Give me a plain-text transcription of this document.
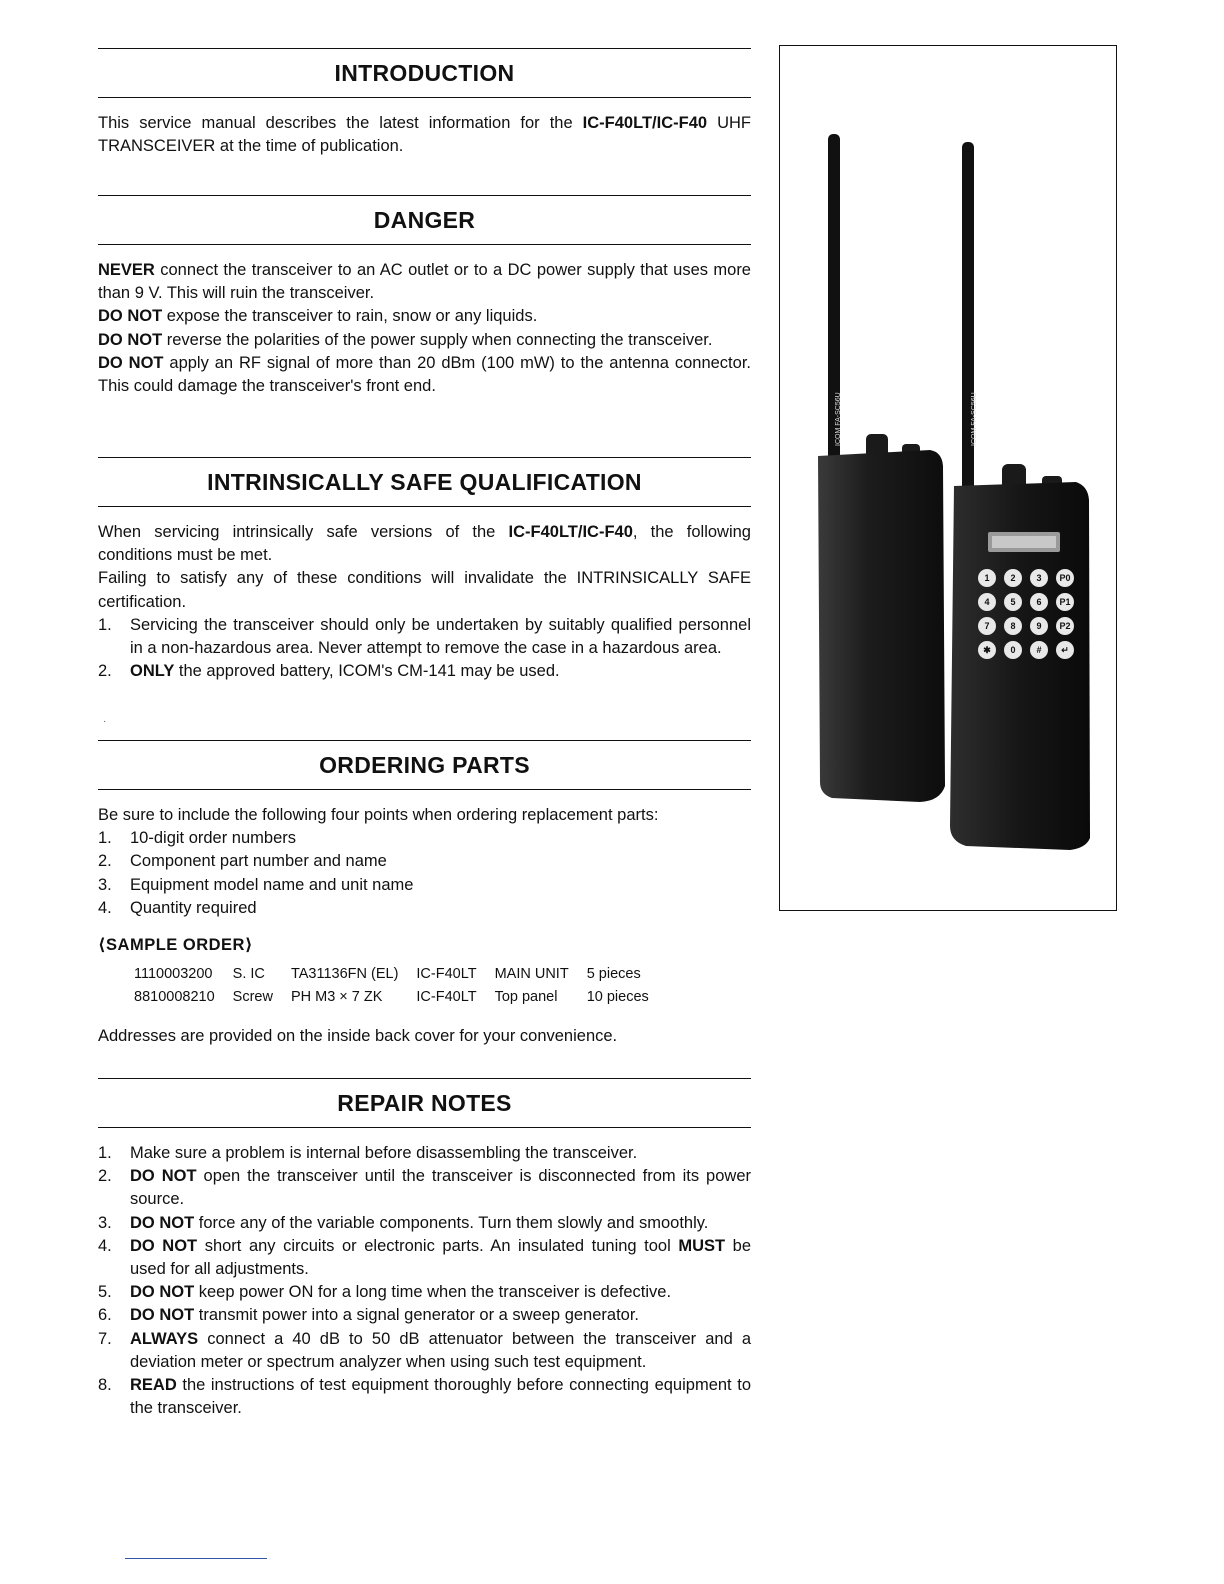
INTRODUCTION

This service manual describes the latest information for the IC-F40LT/IC-F40 UHF TRANSCEIVER at the time of publication.

DANGER

NEVER connect the transceiver to an AC outlet or to a DC power supply that uses more than 9 V. This will ruin the transceiver.

DO NOT expose the transceiver to rain, snow or any liquids.

DO NOT reverse the polarities of the power supply when connecting the transceiver.

DO NOT apply an RF signal of more than 20 dBm (100 mW) to the antenna connector. This could damage the transceiver's front end.

INTRINSICALLY SAFE QUALIFICATION

When servicing intrinsically safe versions of the IC-F40LT/IC-F40, the following conditions must be met.

Failing to satisfy any of these conditions will invalidate the INTRINSICALLY SAFE certification.

1. Servicing the transceiver should only be undertaken by suitably qualified personnel in a non-hazardous area. Never attempt to remove the case in a hazardous area.
2. ONLY the approved battery, ICOM's CM-141 may be used.
·
ORDERING PARTS

Be sure to include the following four points when ordering replacement parts:

1. 10-digit order numbers
2. Component part number and name
3. Equipment model name and unit name
4. Quantity required
⟨SAMPLE ORDER⟩
1110003200	S. IC	TA31136FN (EL)	IC-F40LT	MAIN UNIT	5 pieces
8810008210	Screw	PH M3 × 7 ZK	IC-F40LT	Top panel	10 pieces

Addresses are provided on the inside back cover for your convenience.

REPAIR NOTES
1. Make sure a problem is internal before disassembling the transceiver.
2. DO NOT open the transceiver until the transceiver is disconnected from its power source.
3. DO NOT force any of the variable components. Turn them slowly and smoothly.
4. DO NOT short any circuits or electronic parts. An insulated tuning tool MUST be used for all adjustments.
5. DO NOT keep power ON for a long time when the transceiver is defective.
6. DO NOT transmit power into a signal generator or a sweep generator.
7. ALWAYS connect a 40 dB to 50 dB attenuator between the transceiver and a deviation meter or spectrum analyzer when using such test equipment.
8. READ the instructions of test equipment thoroughly before connecting equipment to the transceiver.
ICOM FA-SC56U	ICOM FA-SC56U
1 2 3 P0
4 5 6 P1
7 8 9 P2
✱ 0 # ↵
